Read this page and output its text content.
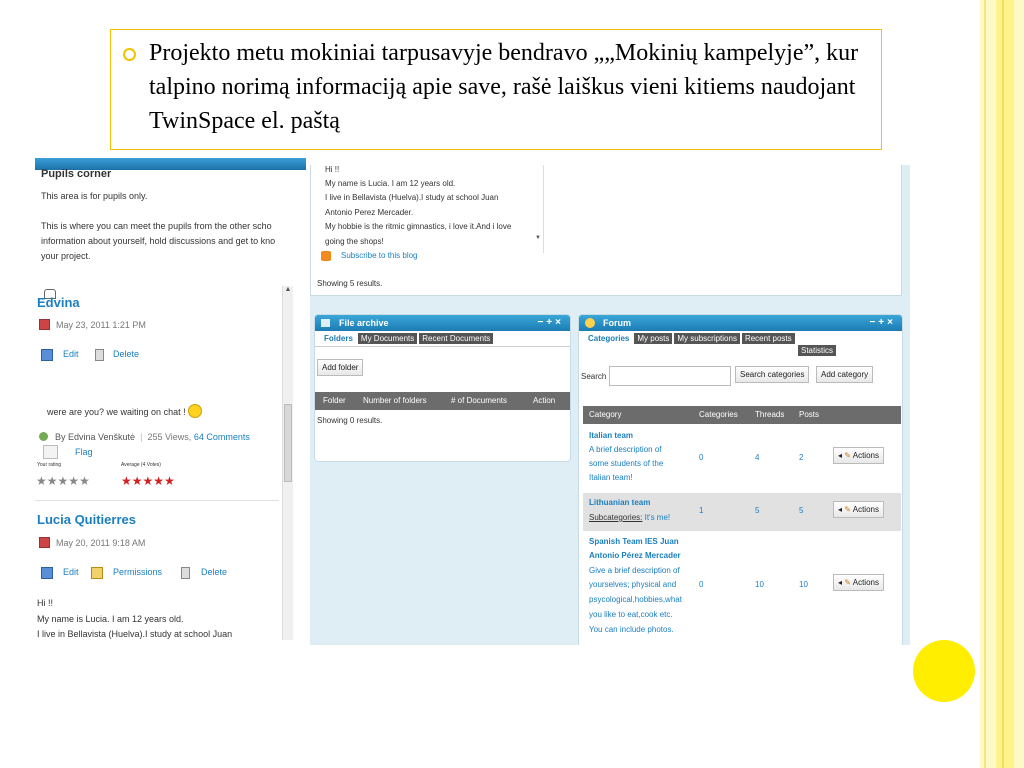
Projekto metu mokiniai tarpusavyje bendravo „„Mokinių kampelyje”, kur talpino norimą informaciją apie save, rašė laiškus vieni kitiems naudojant TwinSpace el. paštą
Pupils corner
This area is for pupils only.
This is where you can meet the pupils from the other scho
information about yourself, hold discussions and get to kno
your project.
▲
Edvina
May 23, 2011 1:21 PM
Edit	Delete
were are you? we waiting on chat !
By Edvina Venškutė  |  255 Views, 64 Comments
Flag
Your rating	Average (4 Votes)
★★★★★	★★★★★
Lucia Quitierres
May 20, 2011 9:18 AM
Edit	Permissions	Delete
Hi !!
My name is Lucia. I am 12 years old.
I live in Bellavista (Huelva).I study at school Juan
Hi !!
My name is Lucia. I am 12 years old.
I live in Bellavista (Huelva).I study at school Juan
Antonio Perez Mercader.
My hobbie is the ritmic gimnastics, i love it.And i love
going the shops!	▼
Subscribe to this blog
Showing 5 results.
File archive	−+×
Folders	My Documents	Recent Documents
Add folder
Folder	Number of folders	# of Documents	Action
Showing 0 results.
Forum	−+×
Categories	My posts	My subscriptions	Recent posts
Statistics
Search	Search categories	Add category
Category	Categories	Threads	Posts
Italian team
A brief description of
some students of the
Italian team!
0	4	2	◂ ✎ Actions
Lithuanian team
Subcategories: It's me!
1	5	5	◂ ✎ Actions
Spanish Team IES Juan
Antonio Pérez Mercader
Give a brief description of
yourselves; physical and
psycological,hobbies,what
you like to eat,cook etc.
You can include photos.
0	10	10	◂ ✎ Actions
